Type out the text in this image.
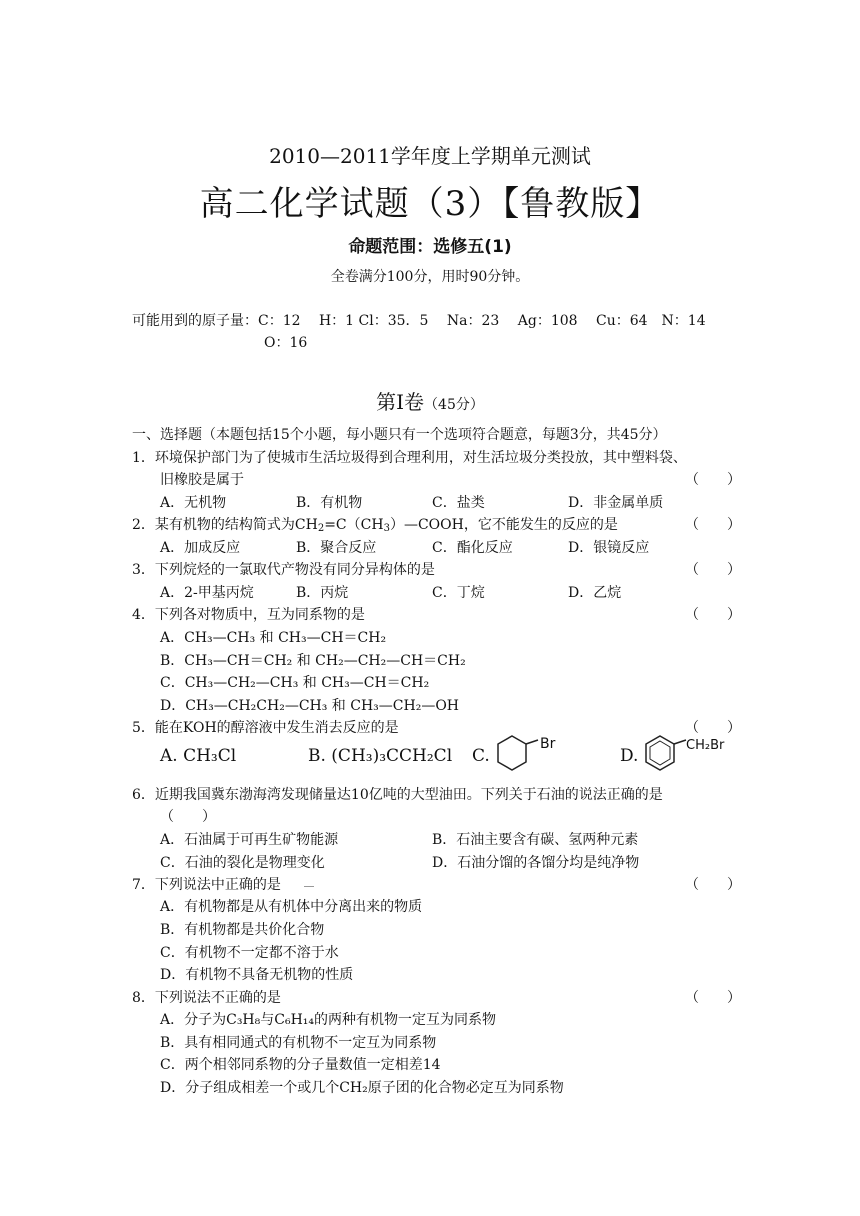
2010—2011学年度上学期单元测试
高二化学试题（3）【鲁教版】
命题范围：选修五(1)
全卷满分100分，用时90分钟。
可能用到的原子量：C：12　 H：1 Cl：35．5　 Na：23　 Ag：108　 Cu：64　N：14
O：16
第Ⅰ卷（45分）
一、选择题（本题包括15个小题，每小题只有一个选项符合题意，每题3分，共45分）
1．环境保护部门为了使城市生活垃圾得到合理利用，对生活垃圾分类投放，其中塑料袋、
旧橡胶是属于	（　　）
A．无机物	B．有机物	C．盐类	D．非金属单质
2．某有机物的结构简式为$CH_2=C(CH_3)—COOH$，它不能发生的反应的是	（　　）
A．加成反应	B．聚合反应	C．酯化反应	D．银镜反应
3．下列烷烃的一氯取代产物没有同分异构体的是	（　　）
A．2-甲基丙烷	B．丙烷	C．丁烷	D．乙烷
4．下列各对物质中，互为同系物的是	（　　）
A．CH₃—CH₃ 和 CH₃—CH＝CH₂
B．CH₃—CH＝CH₂ 和 CH₂—CH₂—CH＝CH₂
C．CH₃—CH₂—CH₃ 和 CH₃—CH＝CH₂
D．CH₃—CH₂CH₂—CH₃ 和 CH₃—CH₂—OH
5．能在KOH的醇溶液中发生消去反应的是	（　　）
A. CH₃Cl	B. (CH₃)₃CCH₂Cl C.
Br
D.
CH₂Br
6．近期我国冀东渤海湾发现储量达10亿吨的大型油田。下列关于石油的说法正确的是
（　　）
A．石油属于可再生矿物能源	B．石油主要含有碳、氢两种元素
C．石油的裂化是物理变化	D．石油分馏的各馏分均是纯净物
7．下列说法中正确的是	（　　）
A．有机物都是从有机体中分离出来的物质
B．有机物都是共价化合物
C．有机物不一定都不溶于水
D．有机物不具备无机物的性质
8．下列说法不正确的是	（　　）
A．分子为C₃H₈与C₆H₁₄的两种有机物一定互为同系物
B．具有相同通式的有机物不一定互为同系物
C．两个相邻同系物的分子量数值一定相差14
D．分子组成相差一个或几个CH₂原子团的化合物必定互为同系物
